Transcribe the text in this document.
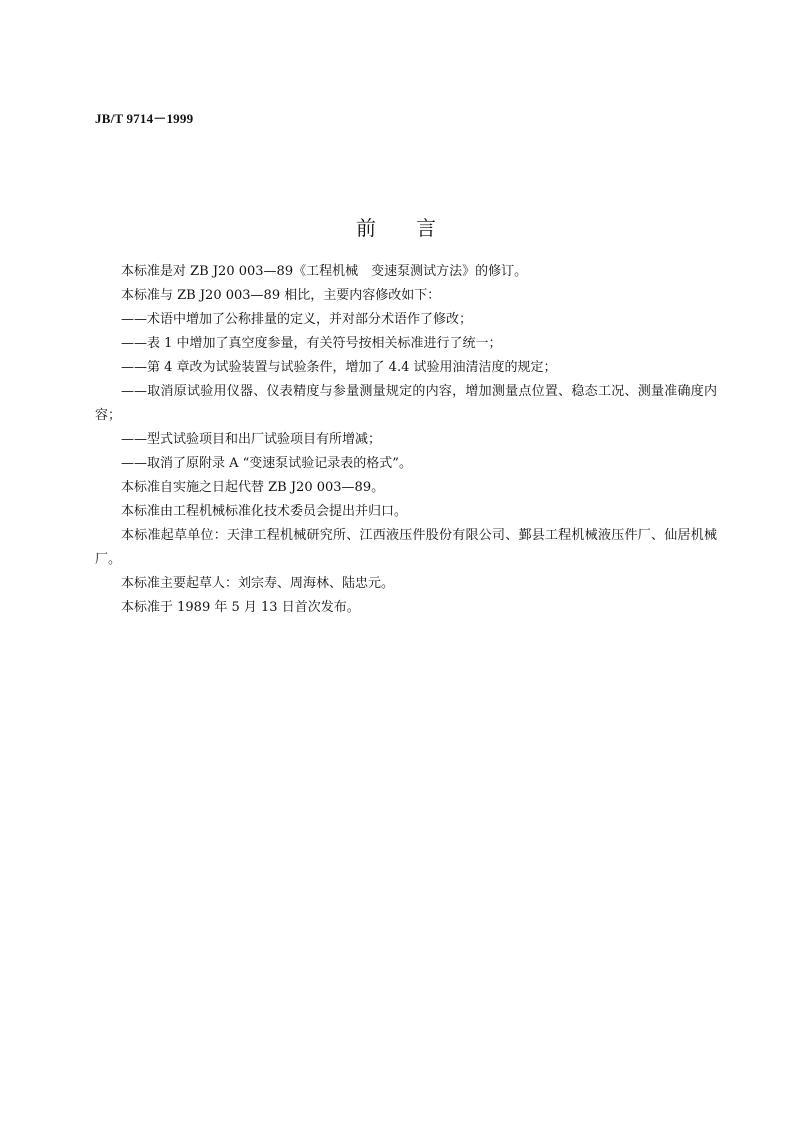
JB/T 9714－1999
前言

本标准是对 ZB J20 003—89《工程机械　变速泵测试方法》的修订。

本标准与 ZB J20 003—89 相比，主要内容修改如下：

——术语中增加了公称排量的定义，并对部分术语作了修改；

——表 1 中增加了真空度参量，有关符号按相关标准进行了统一；

——第 4 章改为试验装置与试验条件，增加了 4.4 试验用油清洁度的规定；

——取消原试验用仪器、仪表精度与参量测量规定的内容，增加测量点位置、稳态工况、测量准确度内容；

——型式试验项目和出厂试验项目有所增减；

——取消了原附录 A “变速泵试验记录表的格式”。

本标准自实施之日起代替 ZB J20 003—89。

本标准由工程机械标准化技术委员会提出并归口。

本标准起草单位：天津工程机械研究所、江西液压件股份有限公司、鄞县工程机械液压件厂、仙居机械厂。

本标准主要起草人：刘宗寿、周海林、陆忠元。

本标准于 1989 年 5 月 13 日首次发布。
